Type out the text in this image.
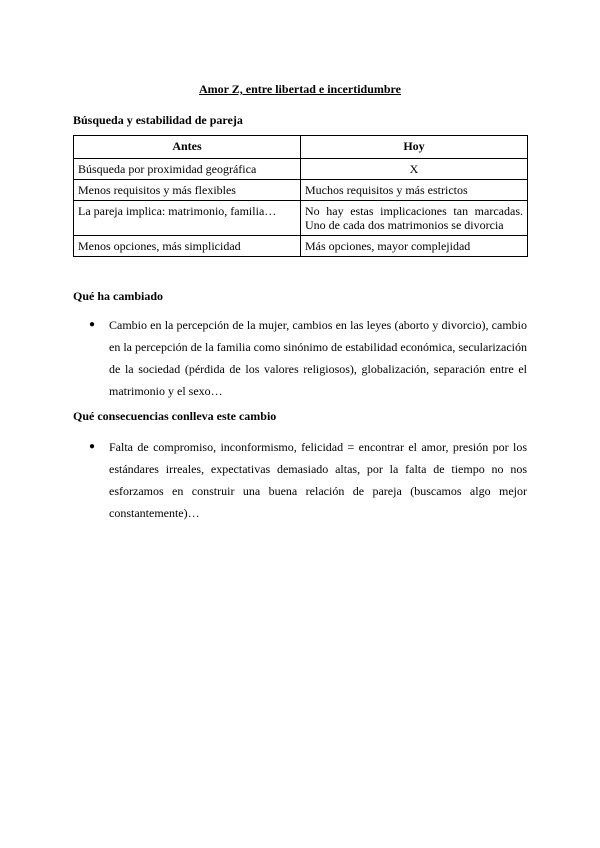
Amor Z, entre libertad e incertidumbre
Búsqueda y estabilidad de pareja
Antes	Hoy
Búsqueda por proximidad geográfica	X
Menos requisitos y más flexibles	Muchos requisitos y más estrictos
La pareja implica: matrimonio, familia…	No hay estas implicaciones tan marcadas. Uno de cada dos matrimonios se divorcia
Menos opciones, más simplicidad	Más opciones, mayor complejidad
Qué ha cambiado
● Cambio en la percepción de la mujer, cambios en las leyes (aborto y divorcio), cambio en la percepción de la familia como sinónimo de estabilidad económica, secularización de la sociedad (pérdida de los valores religiosos), globalización, separación entre el matrimonio y el sexo…
Qué consecuencias conlleva este cambio
● Falta de compromiso, inconformismo, felicidad = encontrar el amor, presión por los estándares irreales, expectativas demasiado altas, por la falta de tiempo no nos esforzamos en construir una buena relación de pareja (buscamos algo mejor constantemente)…
